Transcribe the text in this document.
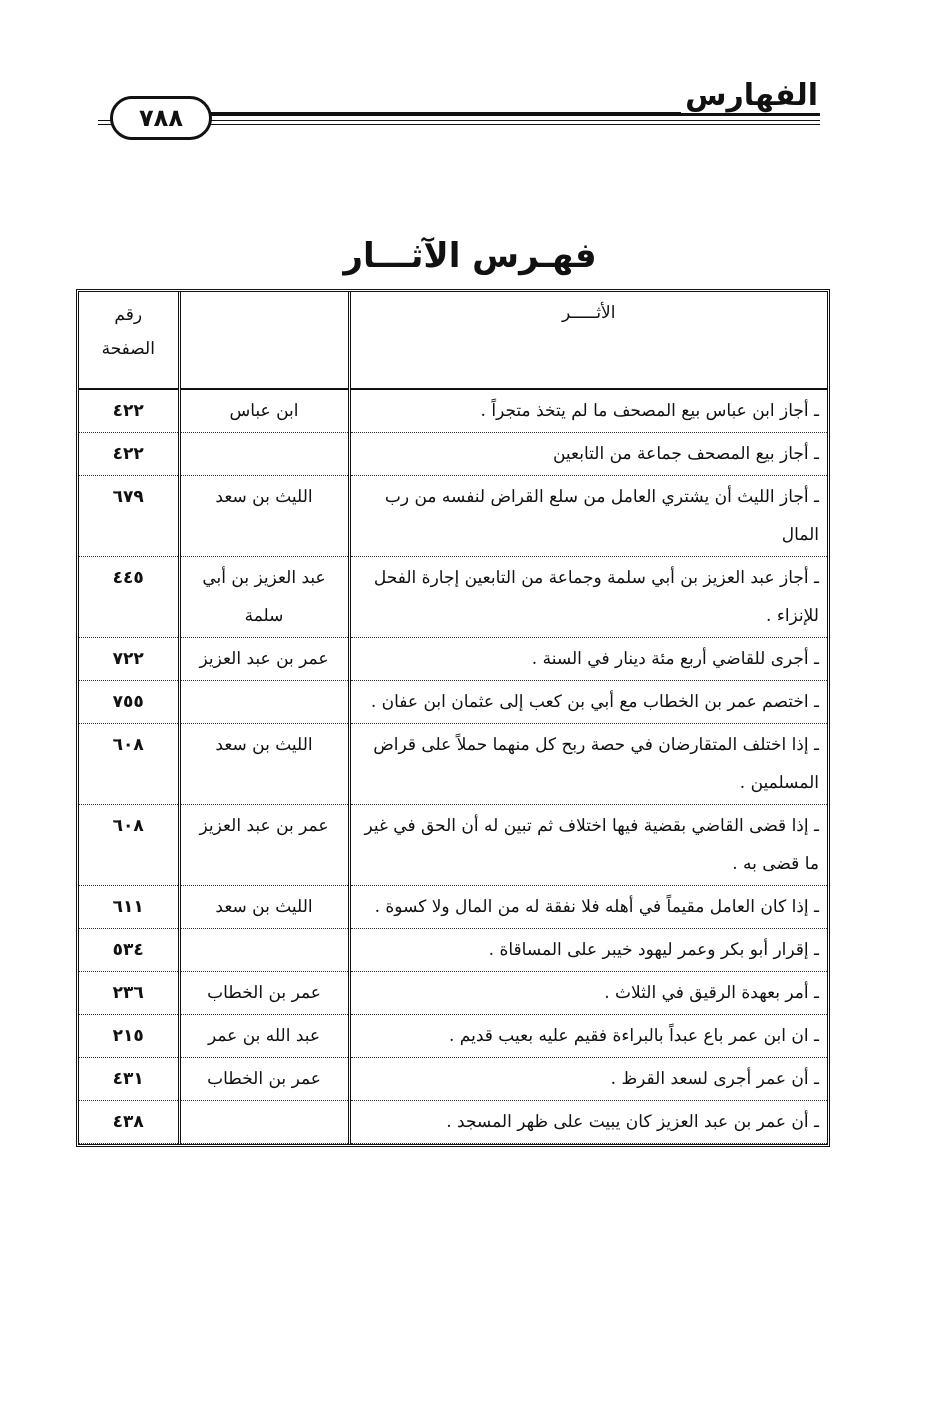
الفهارس
٧٨٨
فهـرس الآثـــار
الأثـــــر		رقم الصفحة
ـ أجاز ابن عباس بيع المصحف ما لم يتخذ متجراً .	ابن عباس	٤٢٢
ـ أجاز بيع المصحف جماعة من التابعين		٤٢٢
ـ أجاز الليث أن يشتري العامل من سلع القراض لنفسه من رب المال	الليث بن سعد	٦٧٩
ـ أجاز عبد العزيز بن أبي سلمة وجماعة من التابعين إجارة الفحل للإنزاء .	عبد العزيز بن أبي سلمة	٤٤٥
ـ أجرى للقاضي أربع مئة دينار في السنة .	عمر بن عبد العزيز	٧٢٢
ـ اختصم عمر بن الخطاب مع أبي بن كعب إلى عثمان ابن عفان .		٧٥٥
ـ إذا اختلف المتقارضان في حصة ربح كل منهما حملاً على قراض المسلمين .	الليث بن سعد	٦٠٨
ـ إذا قضى القاضي بقضية فيها اختلاف ثم تبين له أن الحق في غير ما قضى به .	عمر بن عبد العزيز	٦٠٨
ـ إذا كان العامل مقيماً في أهله فلا نفقة له من المال ولا كسوة .	الليث بن سعد	٦١١
ـ إقرار أبو بكر وعمر ليهود خيبر على المساقاة .		٥٣٤
ـ أمر بعهدة الرقيق في الثلاث .	عمر بن الخطاب	٢٣٦
ـ ان ابن عمر باع عبداً بالبراءة فقيم عليه بعيب قديم .	عبد الله بن عمر	٢١٥
ـ أن عمر أجرى لسعد القرظ .	عمر بن الخطاب	٤٣١
ـ أن عمر بن عبد العزيز كان يبيت على ظهر المسجد .		٤٣٨
